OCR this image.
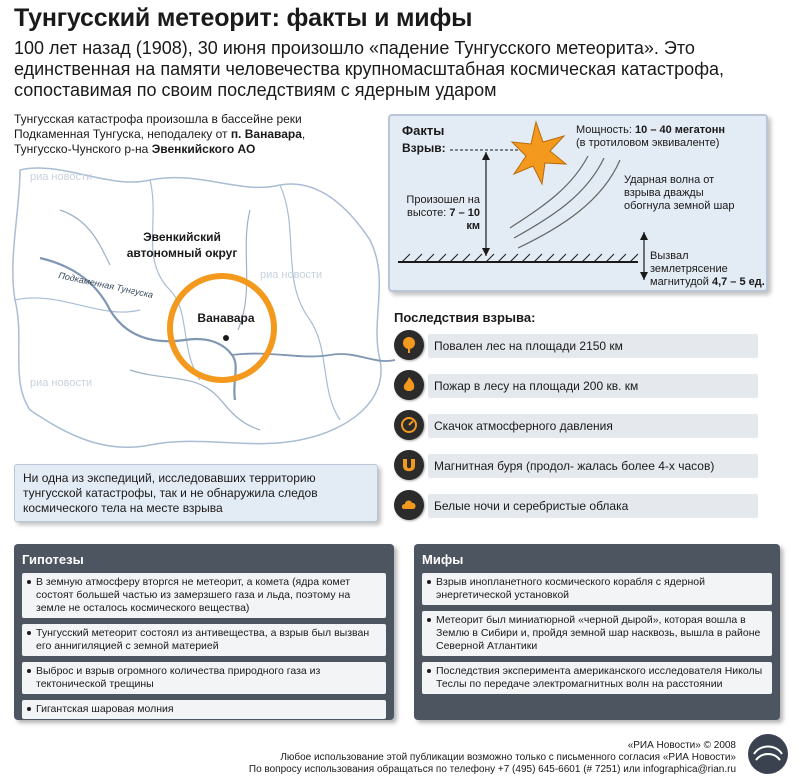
Тунгусский метеорит: факты и мифы
100 лет назад (1908), 30 июня произошло «падение Тунгусского метеорита». Это единственная на памяти человечества крупномасштабная космическая катастрофа, сопоставимая по своим последствиям с ядерным ударом
Тунгусская катастрофа произошла в бассейне реки
Подкаменная Тунгуска, неподалеку от п. Ванавара,
Тунгусско-Чунского р-на Эвенкийского АО
Эвенкийский
автономный округ
Ванавара
Подкаменная Тунгуска
риа новости
риа новости
риа новости
Факты
Взрыв:
Мощность: 10 – 40 мегатонн
(в тротиловом эквиваленте)
Произошел на
высоте: 7 – 10 км
Ударная волна от
взрыва дважды
обогнула земной шар
Вызвал землетрясение
магнитудой 4,7 – 5 ед.
Последствия взрыва:
Повален лес на площади 2150 км
Пожар в лесу на площади 200 кв. км
Скачок атмосферного давления
Магнитная буря (продол- жалась более 4-х часов)
Белые ночи и серебристые облака
Ни одна из экспедиций, исследовавших территорию тунгусской катастрофы, так и не обнаружила следов космического тела на месте взрыва
Гипотезы
В земную атмосферу вторгся не метеорит, а комета (ядра комет состоят большей частью из замерзшего газа и льда, поэтому на земле не осталось космического вещества)
Тунгусский метеорит состоял из антивещества, а взрыв был вызван его аннигиляцией с земной материей
Выброс и взрыв огромного количества природного газа из тектонической трещины
Гигантская шаровая молния
Мифы
Взрыв инопланетного космического корабля с ядерной энергетической установкой
Метеорит был миниатюрной «черной дырой», которая вошла в Землю в Сибири и, пройдя земной шар насквозь, вышла в районе Северной Атлантики
Последствия эксперимента американского исследователя Николы Теслы по передаче электромагнитных волн на расстоянии
«РИА Новости» © 2008
Любое использование этой публикации возможно только с письменного согласия «РИА Новости»
По вопросу использования обращаться по телефону +7 (495) 645-6601 (# 7251) или infographica@rian.ru
